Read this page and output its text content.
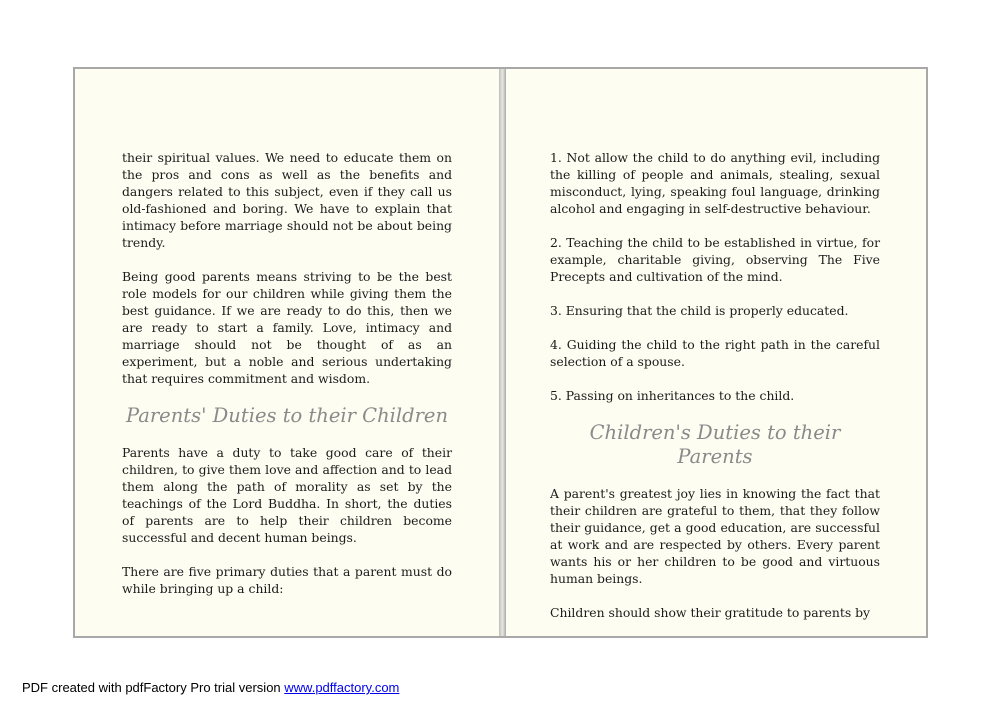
their spiritual values. We need to educate them on the pros and cons as well as the benefits and dangers related to this subject, even if they call us old-fashioned and boring. We have to explain that intimacy before marriage should not be about being trendy.

Being good parents means striving to be the best role models for our children while giving them the best guidance. If we are ready to do this, then we are ready to start a family. Love, intimacy and marriage should not be thought of as an experiment, but a noble and serious undertaking that requires commitment and wisdom.

Parents' Duties to their Children

Parents have a duty to take good care of their children, to give them love and affection and to lead them along the path of morality as set by the teachings of the Lord Buddha. In short, the duties of parents are to help their children become successful and decent human beings.

There are five primary duties that a parent must do while bringing up a child:

1. Not allow the child to do anything evil, including the killing of people and animals, stealing, sexual misconduct, lying, speaking foul language, drinking alcohol and engaging in self-destructive behaviour.

2. Teaching the child to be established in virtue, for example, charitable giving, observing The Five Precepts and cultivation of the mind.

3. Ensuring that the child is properly educated.

4. Guiding the child to the right path in the careful selection of a spouse.

5. Passing on inheritances to the child.

Children's Duties to their Parents

A parent's greatest joy lies in knowing the fact that their children are grateful to them, that they follow their guidance, get a good education, are successful at work and are respected by others. Every parent wants his or her children to be good and virtuous human beings.

Children should show their gratitude to parents by

PDF created with pdfFactory Pro trial version www.pdffactory.com
